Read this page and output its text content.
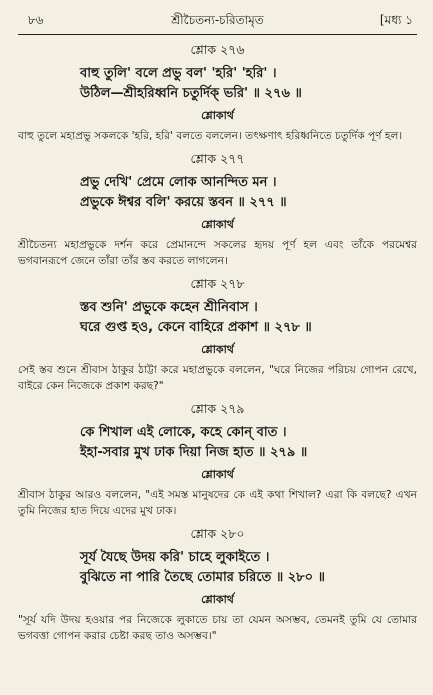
৮৬	শ্রীচৈতন্য-চরিতামৃত	[মধ্য ১
শ্লোক ২৭৬
বাহু তুলি' বলে প্রভু বল' 'হরি' 'হরি' ।
উঠিল—শ্রীহরিধ্বনি চতুর্দিক্ ভরি' ॥ ২৭৬ ॥
শ্লোকার্থ
বাহু তুলে মহাপ্রভু সকলকে 'হরি, হরি' বলতে বললেন। তৎক্ষণাৎ হরিধ্বনিতে চতুর্দিক পূর্ণ হল।
শ্লোক ২৭৭
প্রভু দেখি' প্রেমে লোক আনন্দিত মন ।
প্রভুকে ঈশ্বর বলি' করয়ে স্তবন ॥ ২৭৭ ॥
শ্লোকার্থ
শ্রীচৈতন্য মহাপ্রভুকে দর্শন করে প্রেমানন্দে সকলের হৃদয় পূর্ণ হল এবং তাঁকে পরমেশ্বর ভগবানরূপে জেনে তাঁরা তাঁর স্তব করতে লাগলেন।
শ্লোক ২৭৮
স্তব শুনি' প্রভুকে কহেন শ্রীনিবাস ।
ঘরে গুপ্ত হও, কেনে বাহিরে প্রকাশ ॥ ২৭৮ ॥
শ্লোকার্থ
সেই স্তব শুনে শ্রীবাস ঠাকুর ঠাট্টা করে মহাপ্রভুকে বললেন, "ঘরে নিজের পরিচয় গোপন রেখে, বাইরে কেন নিজেকে প্রকাশ করছ?"
শ্লোক ২৭৯
কে শিখাল এই লোকে, কহে কোন্ বাত ।
ইহা-সবার মুখ ঢাক দিয়া নিজ হাত ॥ ২৭৯ ॥
শ্লোকার্থ
শ্রীবাস ঠাকুর আরও বললেন, "এই সমস্ত মানুষদের কে এই কথা শিখাল? এরা কি বলছে? এখন তুমি নিজের হাত দিয়ে এদের মুখ ঢাক।
শ্লোক ২৮০
সূর্য যৈছে উদয় করি' চাহে লুকাইতে ।
বুঝিতে না পারি তৈছে তোমার চরিতে ॥ ২৮০ ॥
শ্লোকার্থ
"সূর্য যদি উদয় হওয়ার পর নিজেকে লুকাতে চায় তা যেমন অসম্ভব, তেমনই তুমি যে তোমার ভগবত্তা গোপন করার চেষ্টা করছ তাও অসম্ভব।"
